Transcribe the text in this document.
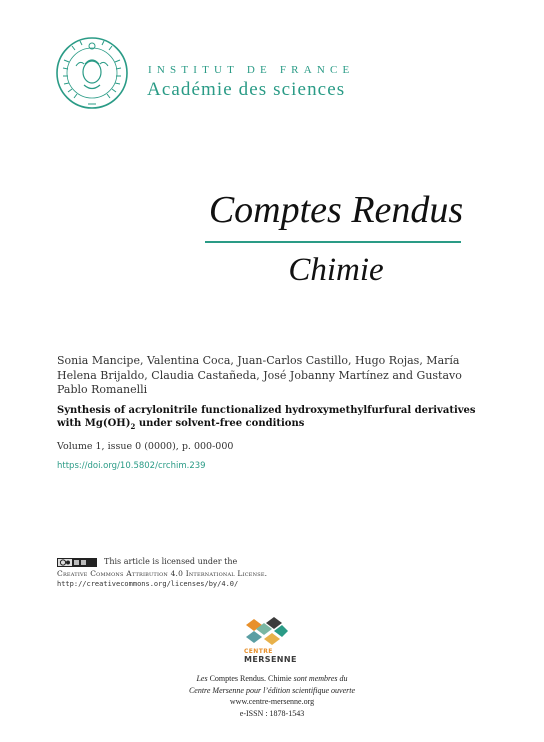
INSTITUT DE FRANCE
Académie des sciences
Comptes Rendus
Chimie
Sonia Mancipe, Valentina Coca, Juan-Carlos Castillo, Hugo Rojas, María Helena Brijaldo, Claudia Castañeda, José Jobanny Martínez and Gustavo Pablo Romanelli
Synthesis of acrylonitrile functionalized hydroxymethylfurfural derivatives with $Mg(OH)_2$ under solvent-free conditions
Volume 1, issue 0 (0000), p. 000-000
https://doi.org/10.5802/crchim.239
This article is licensed under the
Creative Commons Attribution 4.0 International License.
http://creativecommons.org/licenses/by/4.0/
CENTRE
MERSENNE
Les Comptes Rendus. Chimie sont membres du
Centre Mersenne pour l’édition scientifique ouverte
www.centre-mersenne.org
e-ISSN : 1878-1543
